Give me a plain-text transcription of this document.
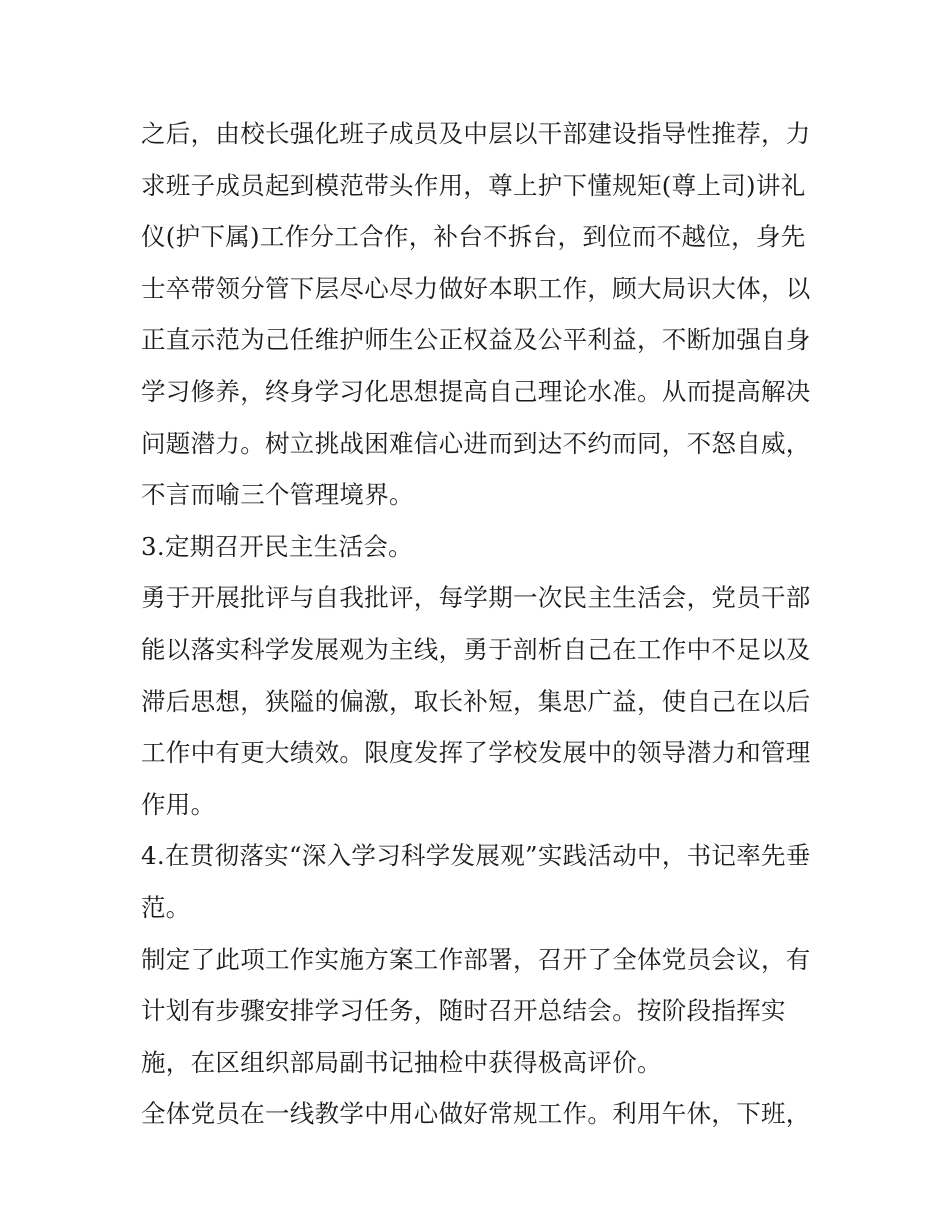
之后，由校长强化班子成员及中层以干部建设指导性推荐，力
求班子成员起到模范带头作用，尊上护下懂规矩(尊上司)讲礼
仪(护下属)工作分工合作，补台不拆台，到位而不越位，身先
士卒带领分管下层尽心尽力做好本职工作，顾大局识大体，以
正直示范为己任维护师生公正权益及公平利益，不断加强自身
学习修养，终身学习化思想提高自己理论水准。从而提高解决
问题潜力。树立挑战困难信心进而到达不约而同，不怒自威，
不言而喻三个管理境界。
3.定期召开民主生活会。
勇于开展批评与自我批评，每学期一次民主生活会，党员干部
能以落实科学发展观为主线，勇于剖析自己在工作中不足以及
滞后思想，狭隘的偏激，取长补短，集思广益，使自己在以后
工作中有更大绩效。限度发挥了学校发展中的领导潜力和管理
作用。
4.在贯彻落实“深入学习科学发展观”实践活动中，书记率先垂
范。
制定了此项工作实施方案工作部署，召开了全体党员会议，有
计划有步骤安排学习任务，随时召开总结会。按阶段指挥实
施，在区组织部局副书记抽检中获得极高评价。
全体党员在一线教学中用心做好常规工作。利用午休，下班，
